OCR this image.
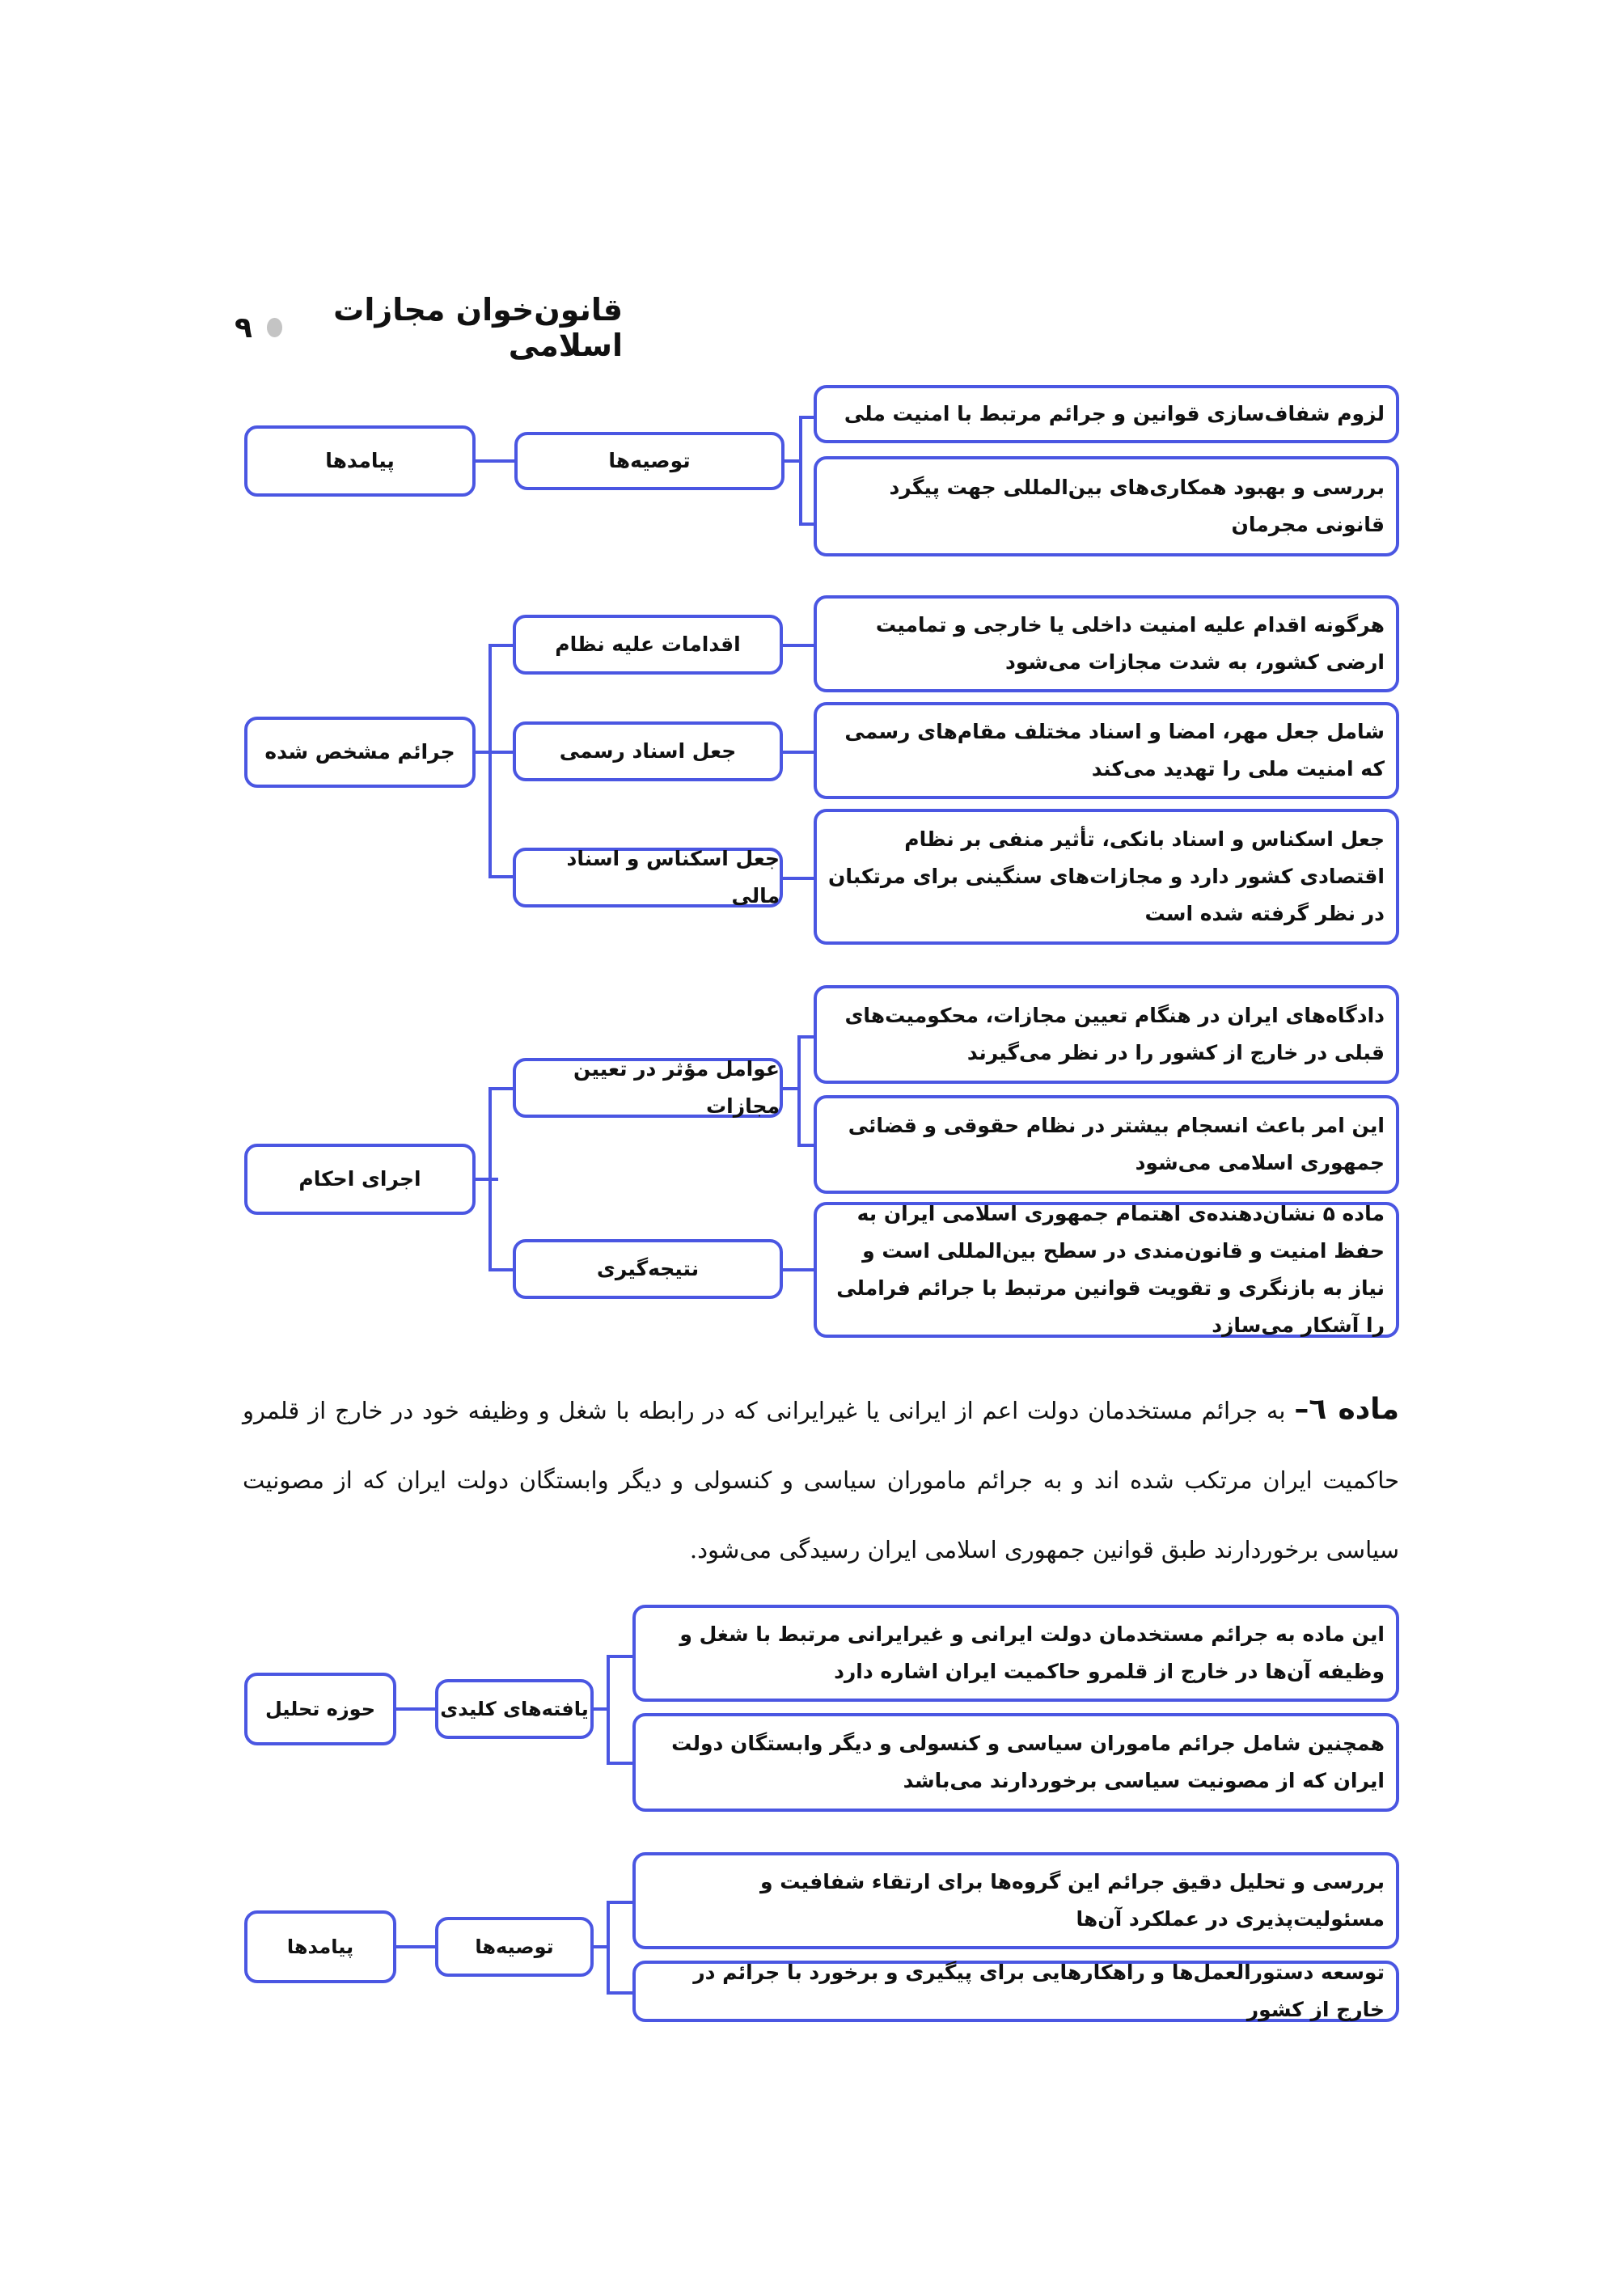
قانون‌خوان مجازات اسلامی
۹
پیامدها	توصیه‌ها
لزوم شفاف‌سازی قوانین و جرائم مرتبط با امنیت ملی
بررسی و بهبود همکاری‌های بین‌المللی جهت پیگرد قانونی مجرمان
جرائم مشخص شده
اقدامات علیه نظام
جعل اسناد رسمی
جعل اسکناس و اسناد مالی
هرگونه اقدام علیه امنیت داخلی یا خارجی و تمامیت ارضی کشور، به شدت مجازات می‌شود
شامل جعل مهر، امضا و اسناد مختلف مقام‌های رسمی که امنیت ملی را تهدید می‌کند
جعل اسکناس و اسناد بانکی، تأثیر منفی بر نظام اقتصادی کشور دارد و مجازات‌های سنگینی برای مرتکبان در نظر گرفته شده است
اجرای احکام
عوامل مؤثر در تعیین مجازات
نتیجه‌گیری
دادگاه‌های ایران در هنگام تعیین مجازات، محکومیت‌های قبلی در خارج از کشور را در نظر می‌گیرند
این امر باعث انسجام بیشتر در نظام حقوقی و قضائی جمهوری اسلامی می‌شود
ماده ۵ نشان‌دهنده‌ی اهتمام جمهوری اسلامی ایران به حفظ امنیت و قانون‌مندی در سطح بین‌المللی است و نیاز به بازنگری و تقویت قوانین مرتبط با جرائم فراملی را آشکار می‌سازد
ماده ٦– به جرائم مستخدمان دولت اعم از ایرانی یا غیرایرانی که در رابطه با شغل و وظیفه خود در خارج از قلمرو حاکمیت ایران مرتکب شده اند و به جرائم ماموران سیاسی و کنسولی و دیگر وابستگان دولت ایران که از مصونیت سیاسی برخوردارند طبق قوانین جمهوری اسلامی ایران رسیدگی می‌شود.
حوزه تحلیل	یافته‌های کلیدی
این ماده به جرائم مستخدمان دولت ایرانی و غیرایرانی مرتبط با شغل و وظیفه آن‌ها در خارج از قلمرو حاکمیت ایران اشاره دارد
همچنین شامل جرائم ماموران سیاسی و کنسولی و دیگر وابستگان دولت ایران که از مصونیت سیاسی برخوردارند می‌باشد
پیامدها	توصیه‌ها
بررسی و تحلیل دقیق جرائم این گروه‌ها برای ارتقاء شفافیت و مسئولیت‌پذیری در عملکرد آن‌ها
توسعه دستورالعمل‌ها و راهکارهایی برای پیگیری و برخورد با جرائم در خارج از کشور
